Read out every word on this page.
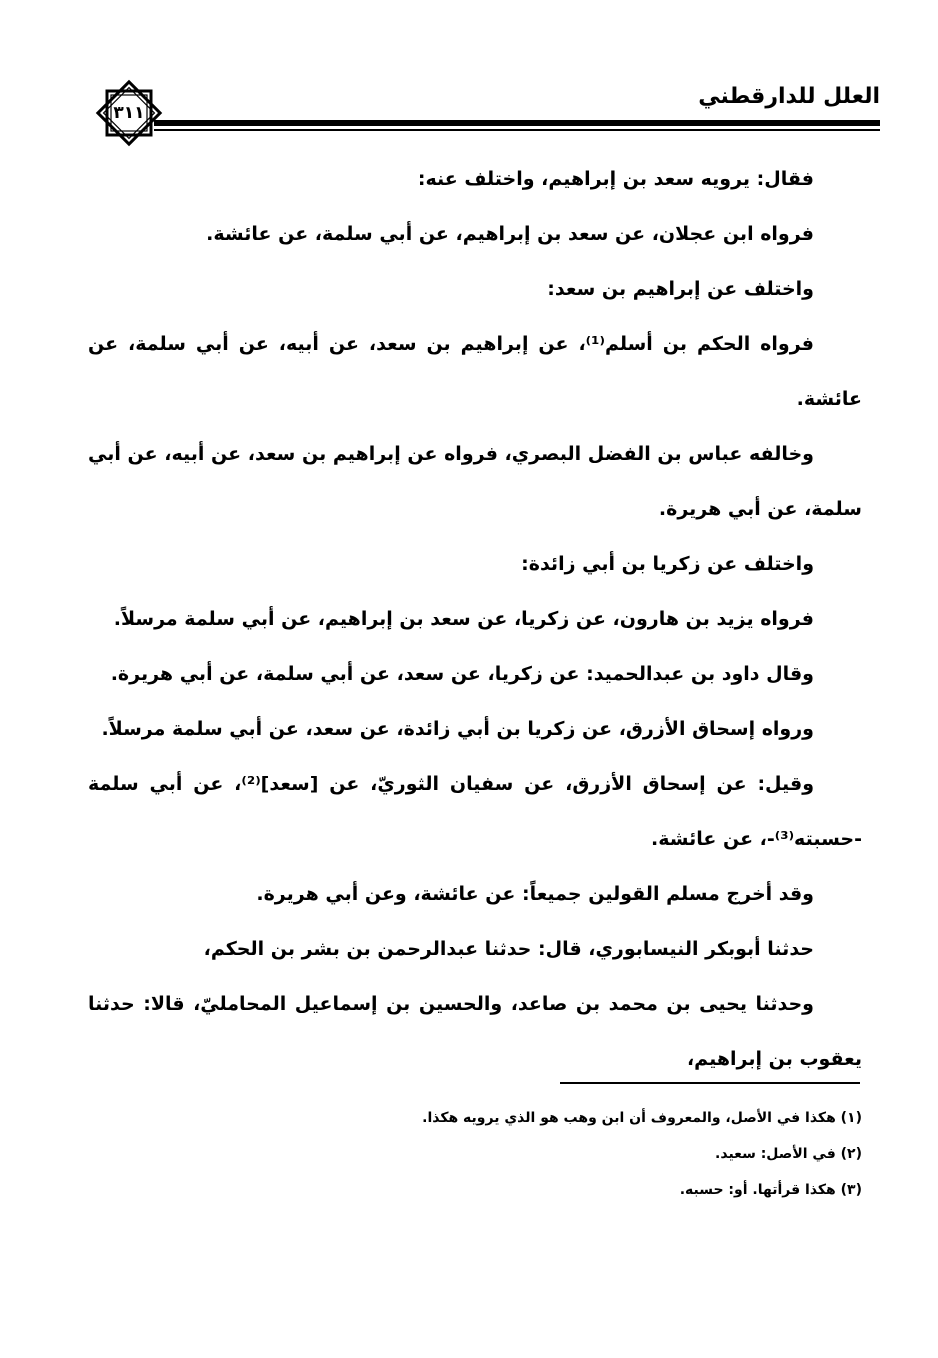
٣١١
العلل للدارقطني

فقال: يرويه سعد بن إبراهيم، واختلف عنه:

فرواه ابن عجلان، عن سعد بن إبراهيم، عن أبي سلمة، عن عائشة.

واختلف عن إبراهيم بن سعد:

فرواه الحكم بن أسلم⁽¹⁾، عن إبراهيم بن سعد، عن أبيه، عن أبي سلمة، عن عائشة.

وخالفه عباس بن الفضل البصري، فرواه عن إبراهيم بن سعد، عن أبيه، عن أبي سلمة، عن أبي هريرة.

واختلف عن زكريا بن أبي زائدة:

فرواه يزيد بن هارون، عن زكريا، عن سعد بن إبراهيم، عن أبي سلمة مرسلاً.

وقال داود بن عبدالحميد: عن زكريا، عن سعد، عن أبي سلمة، عن أبي هريرة.

ورواه إسحاق الأزرق، عن زكريا بن أبي زائدة، عن سعد، عن أبي سلمة مرسلاً.

وقيل: عن إسحاق الأزرق، عن سفيان الثوريّ، عن [سعد]⁽²⁾، عن أبي سلمة -حسبته⁽³⁾-، عن عائشة.

وقد أخرج مسلم القولين جميعاً: عن عائشة، وعن أبي هريرة.

حدثنا أبوبكر النيسابوري، قال: حدثنا عبدالرحمن بن بشر بن الحكم،

وحدثنا يحيى بن محمد بن صاعد، والحسين بن إسماعيل المحامليّ، قالا: حدثنا يعقوب بن إبراهيم،

(١) هكذا في الأصل، والمعروف أن ابن وهب هو الذي يرويه هكذا.

(٢) في الأصل: سعيد.

(٣) هكذا قرأتها. أو: حسبه.
